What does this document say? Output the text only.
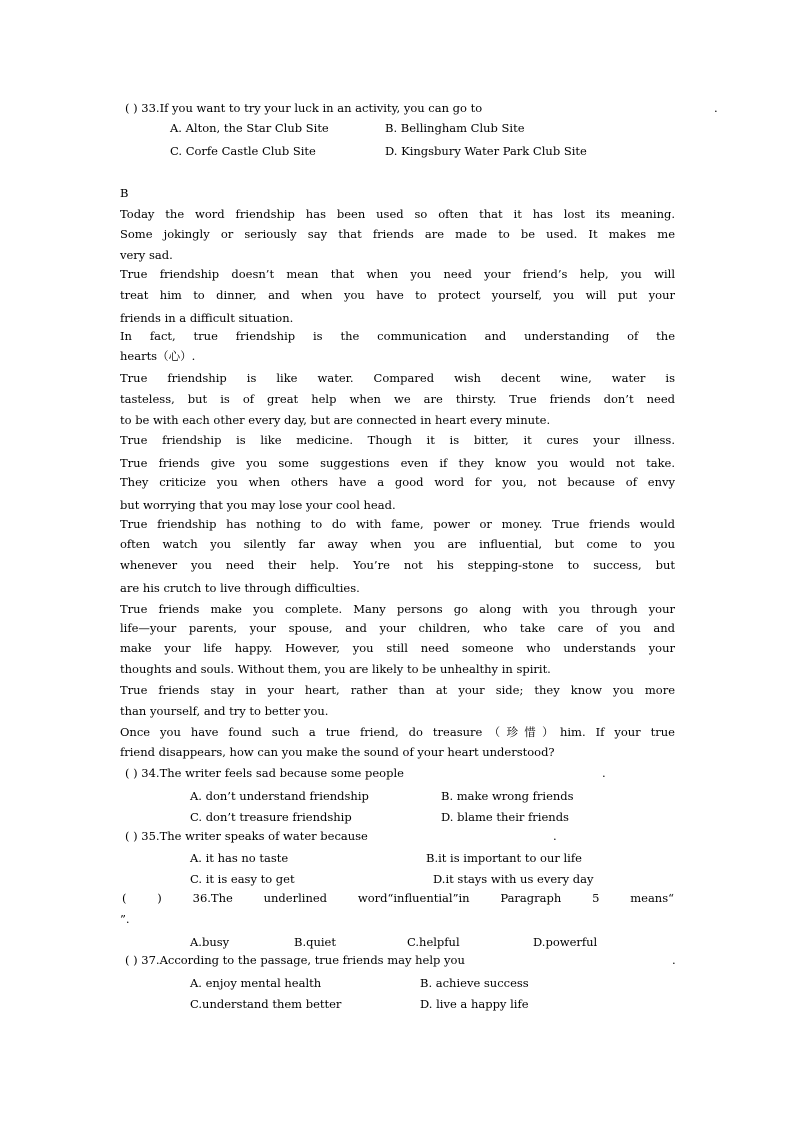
( ) 33.If you want to try your luck in an activity, you can go to	.
A. Alton, the Star Club Site	B. Bellingham Club Site
C. Corfe Castle Club Site	D. Kingsbury Water Park Club Site
B
Today the word friendship has been used so often that it has lost its meaning.
Some jokingly or seriously say that friends are made to be used. It makes me
very sad.
True friendship doesn’t mean that when you need your friend’s help, you will
treat him to dinner, and when you have to protect yourself, you will put your
friends in a difficult situation.
In fact, true friendship is the communication and understanding of the
hearts（心）.
True friendship is like water. Compared wish decent wine, water is
tasteless, but is of great help when we are thirsty. True friends don’t need
to be with each other every day, but are connected in heart every minute.
True friendship is like medicine. Though it is bitter, it cures your illness.
True friends give you some suggestions even if they know you would not take.
They criticize you when others have a good word for you, not because of envy
but worrying that you may lose your cool head.
True friendship has nothing to do with fame, power or money. True friends would
often watch you silently far away when you are influential, but come to you
whenever you need their help. You’re not his stepping-stone to success, but
are his crutch to live through difficulties.
True friends make you complete. Many persons go along with you through your
life—your parents, your spouse, and your children, who take care of you and
make your life happy. However, you still need someone who understands your
thoughts and souls. Without them, you are likely to be unhealthy in spirit.
True friends stay in your heart, rather than at your side; they know you more
than yourself, and try to better you.
Once you have found such a true friend, do treasure（珍惜）him. If your true
friend disappears, how can you make the sound of your heart understood?
( ) 34.The writer feels sad because some people	.
A. don’t understand friendship	B. make wrong friends
C. don’t treasure friendship	D. blame their friends
( ) 35.The writer speaks of water because	.
A. it has no taste	B.it is important to our life
C. it is easy to get	D.it stays with us every day
( ) 36.The underlined word“influential”in Paragraph 5 means“
”.
A.busy	B.quiet	C.helpful	D.powerful
( ) 37.According to the passage, true friends may help you	.
A. enjoy mental health	B. achieve success
C.understand them better	D. live a happy life
